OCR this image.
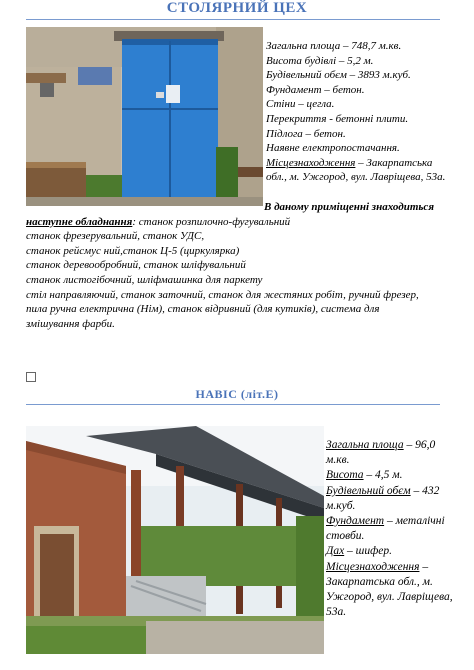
СТОЛЯРНИЙ ЦЕХ
Загальна площа – 748,7 м.кв.
Висота будівлі – 5,2 м.
Будівельний обєм – 3893 м.куб.
Фундамент – бетон.
Стіни – цегла.
Перекриття - бетонні плити.
Підлога – бетон.
Наявне електропостачання.
Місцезнаходження – Закарпатська
обл., м. Ужгород, вул. Лаврiщева, 53а.
В даному приміщенні знаходиться
наступне обладнання: станок розпилочно-фугувальний
станок фрезерувальний, станок УДС,
станок рейсмус ний,станок Ц-5 (циркулярка)
станок деревообробний, станок шліфувальний
станок листогібочний, шліфмашинка для паркету
стіл направляючий, станок заточний, станок для жестяних робіт, ручний фрезер,
пила ручна електрична (Нім), станок відривний (для кутиків), система для
змішування фарби.
НАВІС (літ.Е)
Загальна площа – 96,0
м.кв.
Висота – 4,5 м.
Будівельний обєм – 432
м.куб.
Фундамент – металічні
стовби.
Дах – шифер.
Місцезнаходження –
Закарпатська обл., м.
Ужгород, вул. Лаврiщева,
53а.
